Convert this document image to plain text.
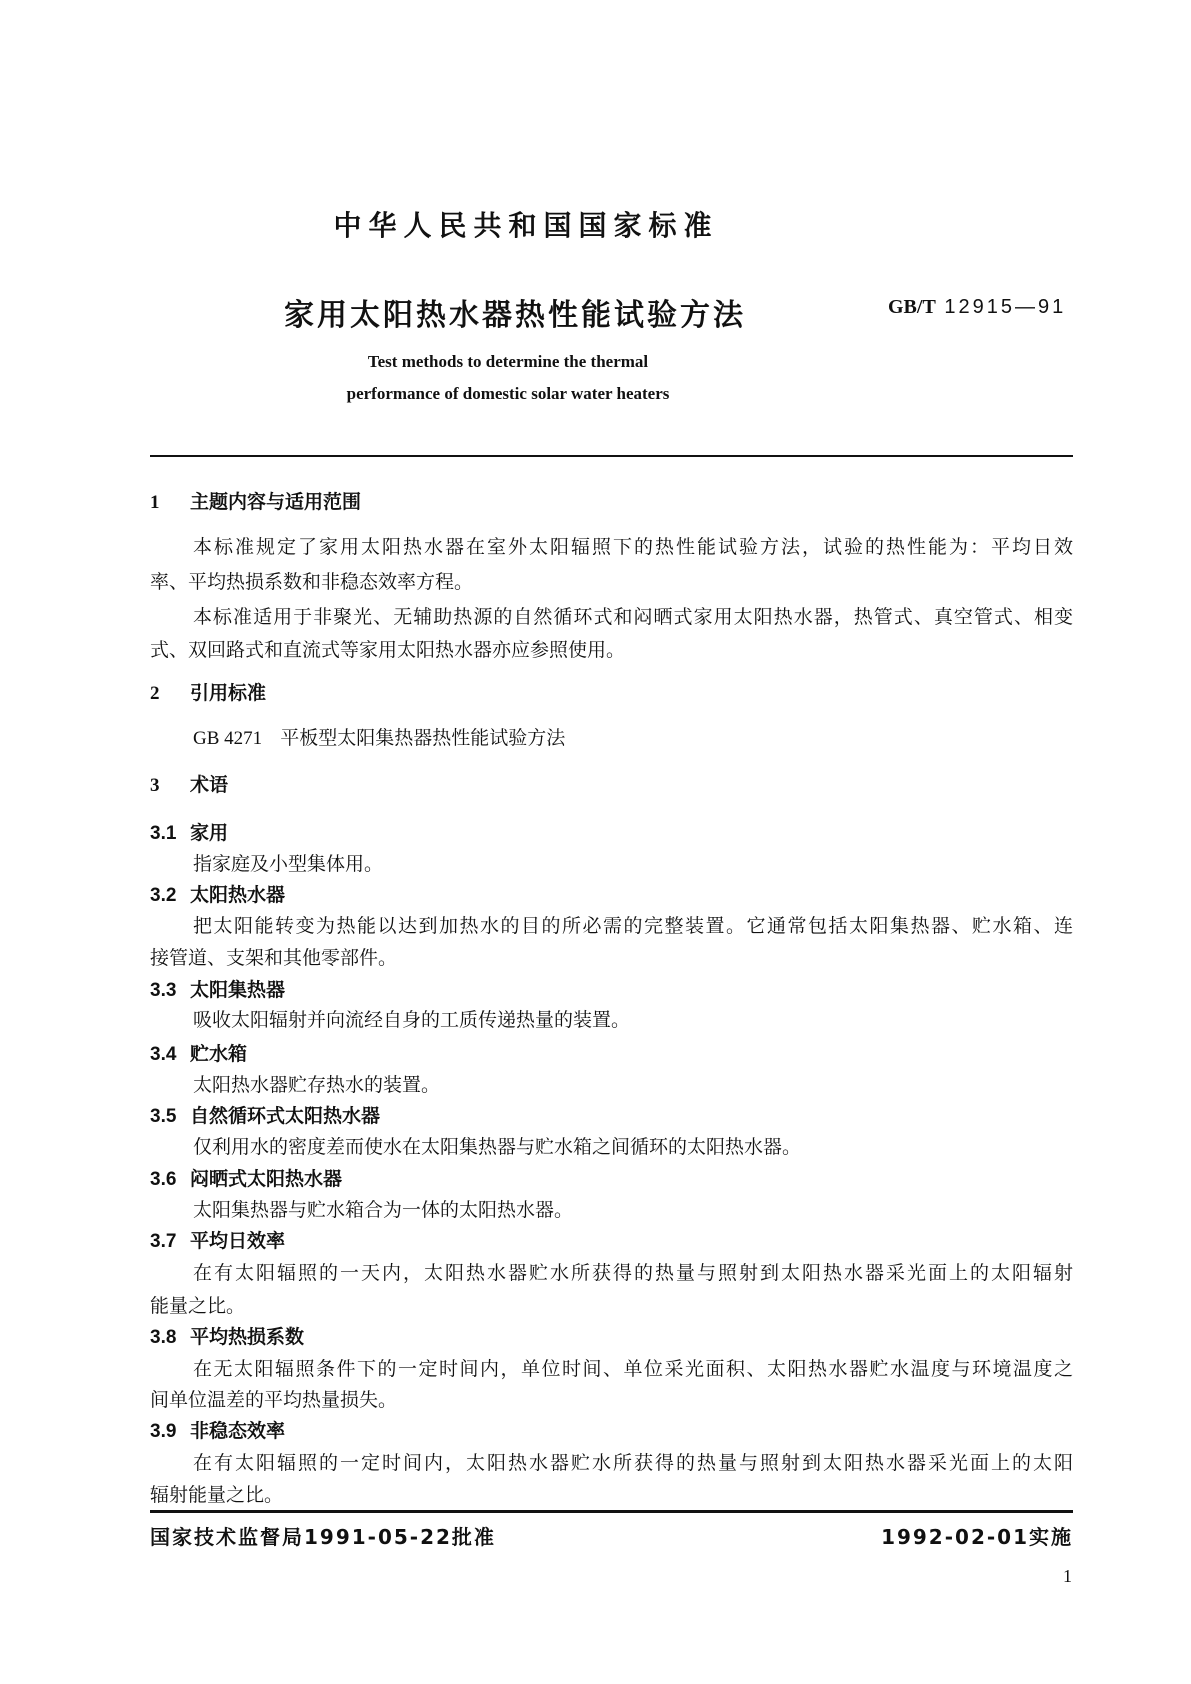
中华人民共和国国家标准
家用太阳热水器热性能试验方法	GB/T 12915—91
Test methods to determine the thermal
performance of domestic solar water heaters
1 主题内容与适用范围
本标准规定了家用太阳热水器在室外太阳辐照下的热性能试验方法，试验的热性能为：平均日效
率、平均热损系数和非稳态效率方程。
本标准适用于非聚光、无辅助热源的自然循环式和闷晒式家用太阳热水器，热管式、真空管式、相变
式、双回路式和直流式等家用太阳热水器亦应参照使用。
2 引用标准
GB 4271 平板型太阳集热器热性能试验方法
3 术语
3.1 家用
指家庭及小型集体用。
3.2 太阳热水器
把太阳能转变为热能以达到加热水的目的所必需的完整装置。它通常包括太阳集热器、贮水箱、连
接管道、支架和其他零部件。
3.3 太阳集热器
吸收太阳辐射并向流经自身的工质传递热量的装置。
3.4 贮水箱
太阳热水器贮存热水的装置。
3.5 自然循环式太阳热水器
仅利用水的密度差而使水在太阳集热器与贮水箱之间循环的太阳热水器。
3.6 闷晒式太阳热水器
太阳集热器与贮水箱合为一体的太阳热水器。
3.7 平均日效率
在有太阳辐照的一天内，太阳热水器贮水所获得的热量与照射到太阳热水器采光面上的太阳辐射
能量之比。
3.8 平均热损系数
在无太阳辐照条件下的一定时间内，单位时间、单位采光面积、太阳热水器贮水温度与环境温度之
间单位温差的平均热量损失。
3.9 非稳态效率
在有太阳辐照的一定时间内，太阳热水器贮水所获得的热量与照射到太阳热水器采光面上的太阳
辐射能量之比。
国家技术监督局1991-05-22批准	1992-02-01实施
1
